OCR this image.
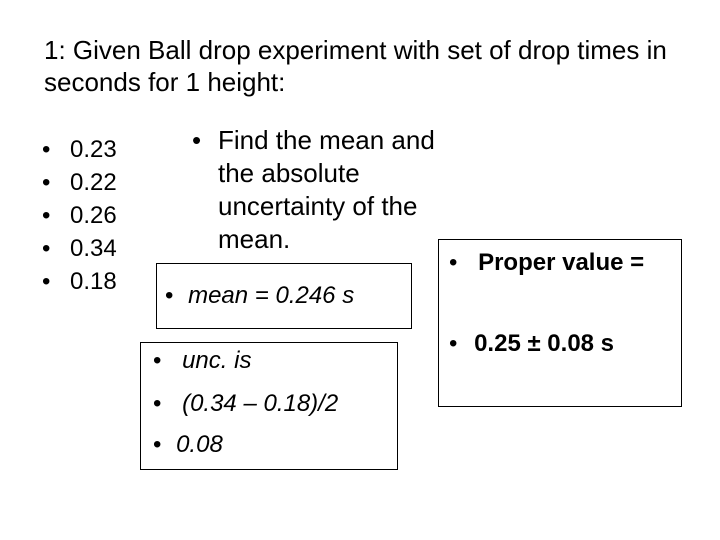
1: Given Ball drop experiment with set of drop times in seconds for 1 height:
• 0.23
• 0.22
• 0.26
• 0.34
• 0.18
• Find the mean and
the absolute
uncertainty of the
mean.
• mean = 0.246 s
• unc. is
• (0.34 – 0.18)/2
• 0.08
• Proper value =
• 0.25 ± 0.08 s
